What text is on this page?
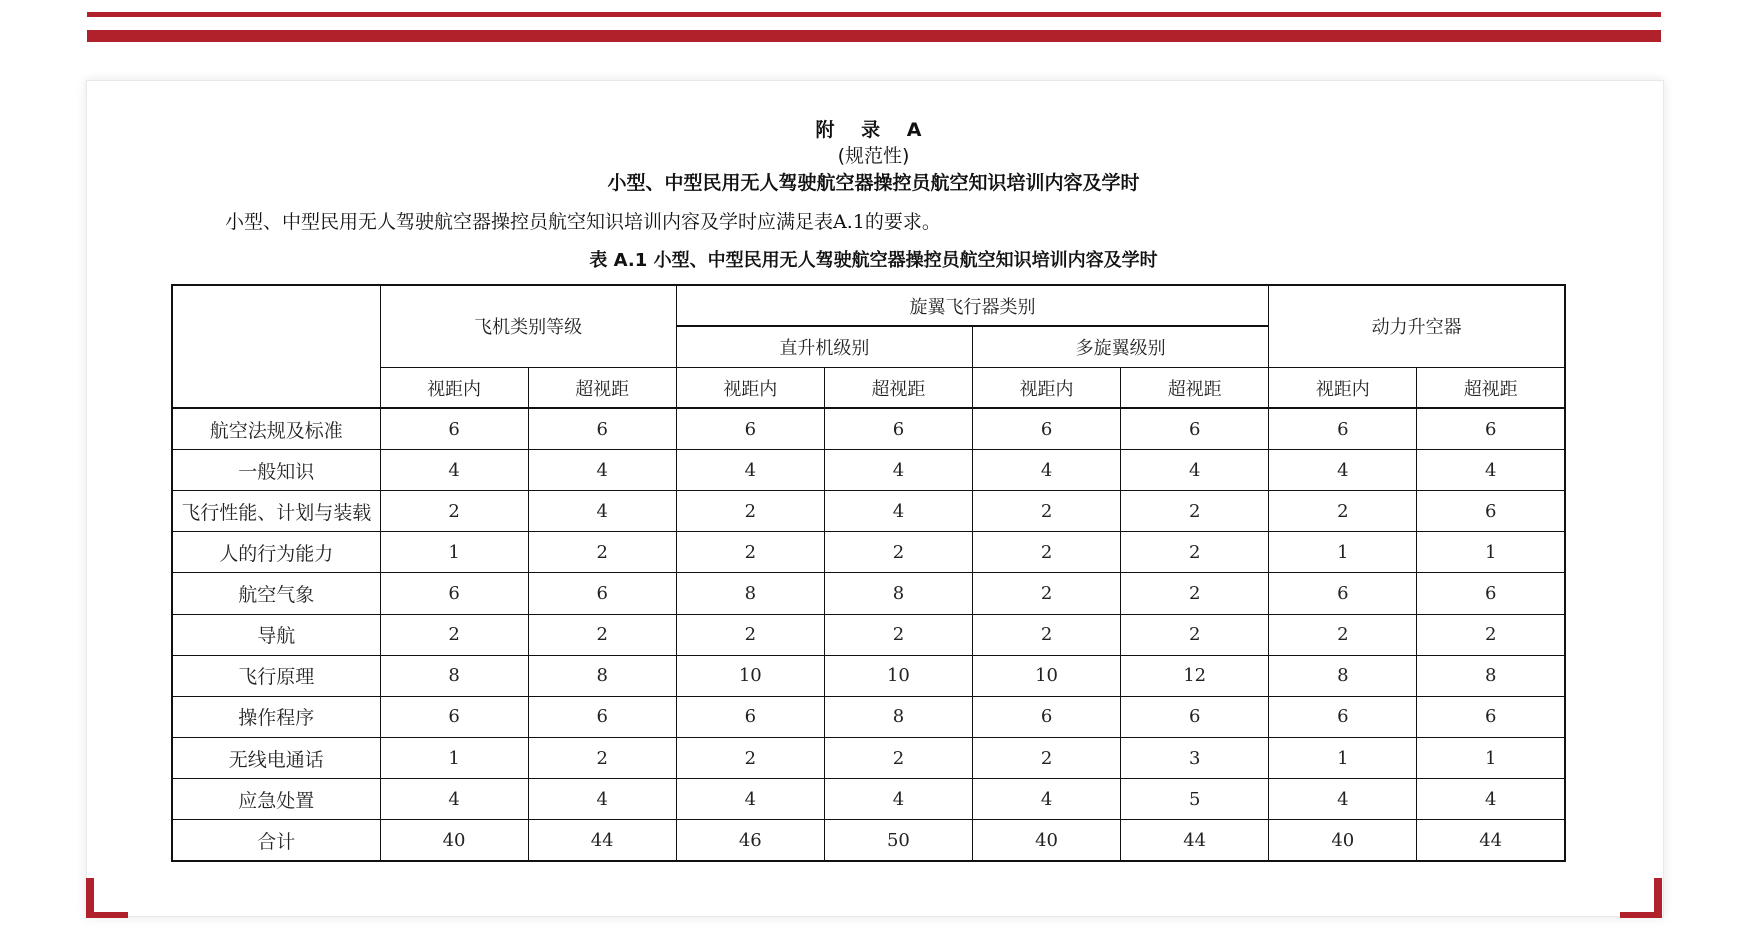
附 录 A
(规范性)
小型、中型民用无人驾驶航空器操控员航空知识培训内容及学时
小型、中型民用无人驾驶航空器操控员航空知识培训内容及学时应满足表A.1的要求。
表 A.1 小型、中型民用无人驾驶航空器操控员航空知识培训内容及学时
	飞机类别等级		旋翼飞行器类别				动力升空器	
			直升机级别		多旋翼级别			
	视距内	超视距	视距内	超视距	视距内	超视距	视距内	超视距
航空法规及标准	6	6	6	6	6	6	6	6
一般知识	4	4	4	4	4	4	4	4
飞行性能、计划与装载	2	4	2	4	2	2	2	6
人的行为能力	1	2	2	2	2	2	1	1
航空气象	6	6	8	8	2	2	6	6
导航	2	2	2	2	2	2	2	2
飞行原理	8	8	10	10	10	12	8	8
操作程序	6	6	6	8	6	6	6	6
无线电通话	1	2	2	2	2	3	1	1
应急处置	4	4	4	4	4	5	4	4
合计	40	44	46	50	40	44	40	44
